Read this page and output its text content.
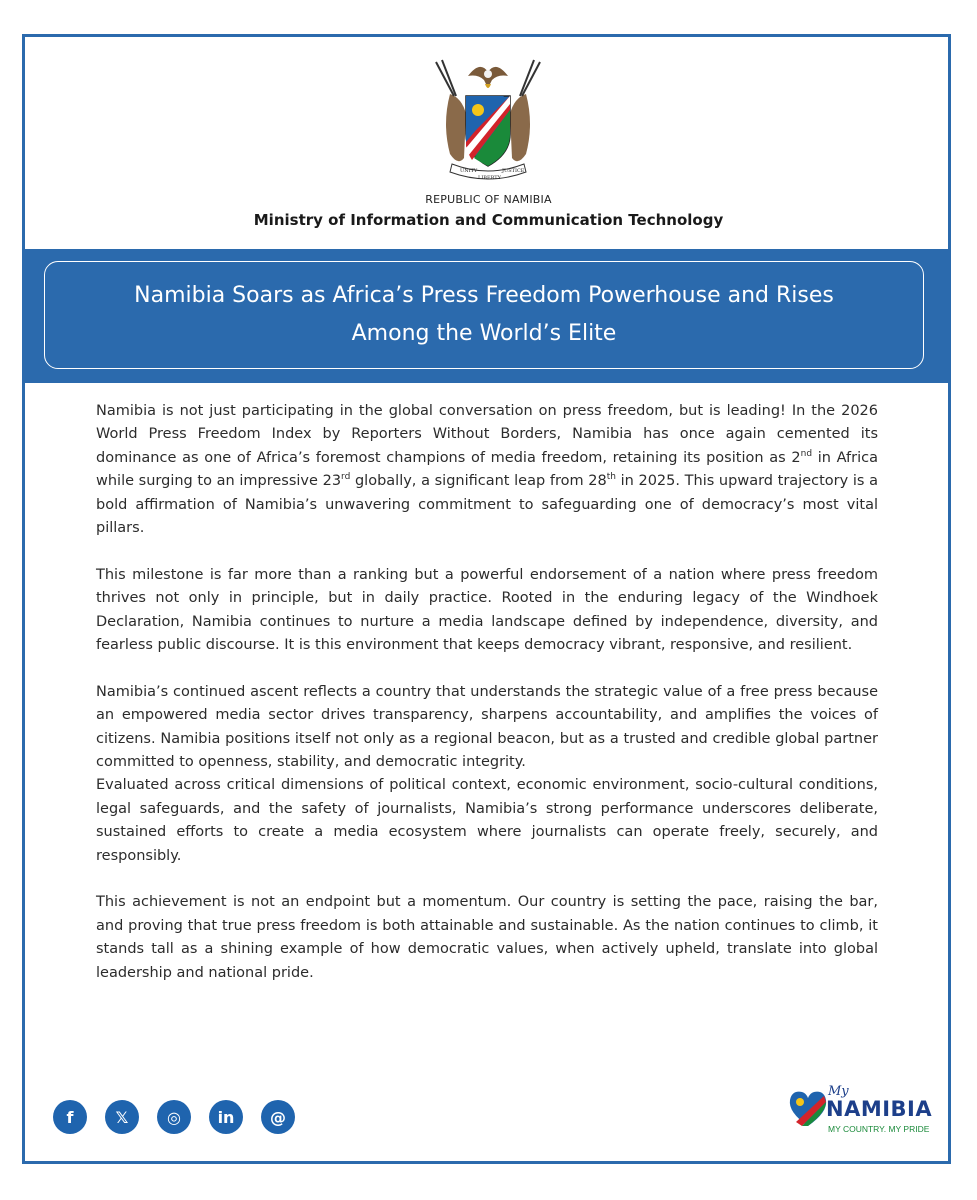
UNITY
LIBERTY
JUSTICE
REPUBLIC OF NAMIBIA
Ministry of Information and Communication Technology
Namibia Soars as Africa’s Press Freedom Powerhouse and Rises
Among the World’s Elite

Namibia is not just participating in the global conversation on press freedom, but is leading! In the 2026 World Press Freedom Index by Reporters Without Borders, Namibia has once again cemented its dominance as one of Africa’s foremost champions of media freedom, retaining its position as 2nd in Africa while surging to an impressive 23rd globally, a significant leap from 28th in 2025. This upward trajectory is a bold affirmation of Namibia’s unwavering commitment to safeguarding one of democracy’s most vital pillars.

This milestone is far more than a ranking but a powerful endorsement of a nation where press freedom thrives not only in principle, but in daily practice. Rooted in the enduring legacy of the Windhoek Declaration, Namibia continues to nurture a media landscape defined by independence, diversity, and fearless public discourse. It is this environment that keeps democracy vibrant, responsive, and resilient.

Namibia’s continued ascent reflects a country that understands the strategic value of a free press because an empowered media sector drives transparency, sharpens accountability, and amplifies the voices of citizens. Namibia positions itself not only as a regional beacon, but as a trusted and credible global partner committed to openness, stability, and democratic integrity.

Evaluated across critical dimensions of political context, economic environment, socio-cultural conditions, legal safeguards, and the safety of journalists, Namibia’s strong performance underscores deliberate, sustained efforts to create a media ecosystem where journalists can operate freely, securely, and responsibly.

This achievement is not an endpoint but a momentum. Our country is setting the pace, raising the bar, and proving that true press freedom is both attainable and sustainable. As the nation continues to climb, it stands tall as a shining example of how democratic values, when actively upheld, translate into global leadership and national pride.

f	𝕏	◎	in	@
My
NAMIBIA
MY COUNTRY. MY PRIDE
